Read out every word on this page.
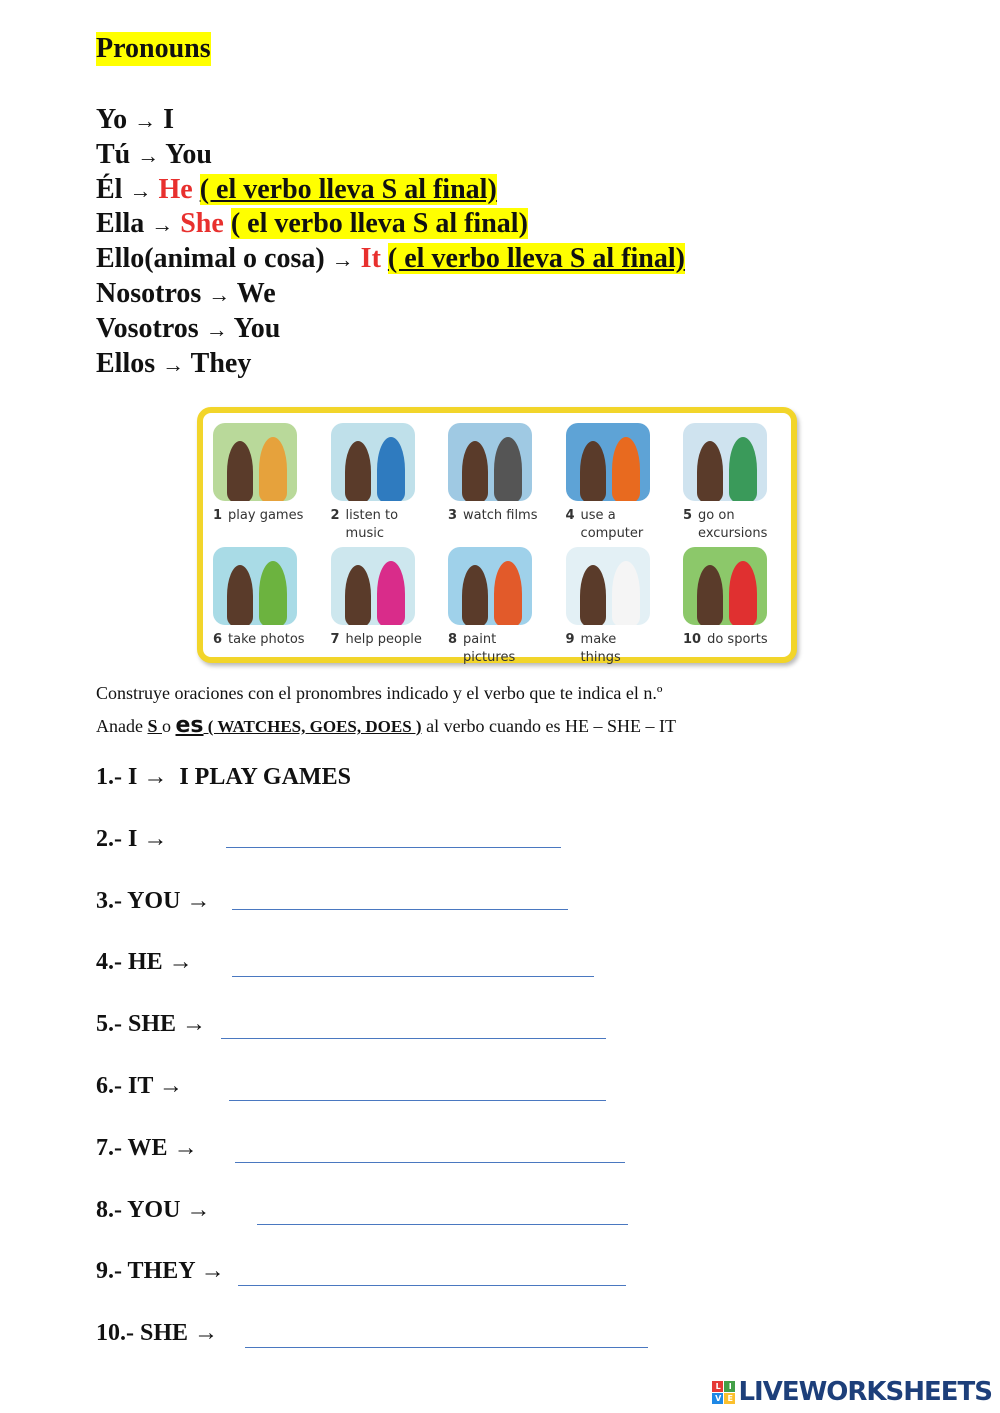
Pronouns
Yo → I
Tú → You
Él → He ( el verbo lleva S al final)
Ella → She ( el verbo lleva S al final)
Ello(animal o cosa) → It ( el verbo lleva S al final)
Nosotros → We
Vosotros → You
Ellos → They
1 play games 2 listen to music
3 watch films 4 use a computer
5 go on excursions
6 take photos 7 help people 8 paint pictures
9 make things
10 do sports
Construye oraciones con el pronombres indicado y el verbo que te indica el n.º
Anade S o es ( WATCHES, GOES, DOES ) al verbo cuando es HE – SHE – IT
1.- I → I PLAY GAMES
2.- I →
3.- YOU →
4.- HE →
5.- SHE →
6.- IT →
7.- WE →
8.- YOU →
9.- THEY →
10.- SHE →
L	I
V E LIVEWORKSHEETS
